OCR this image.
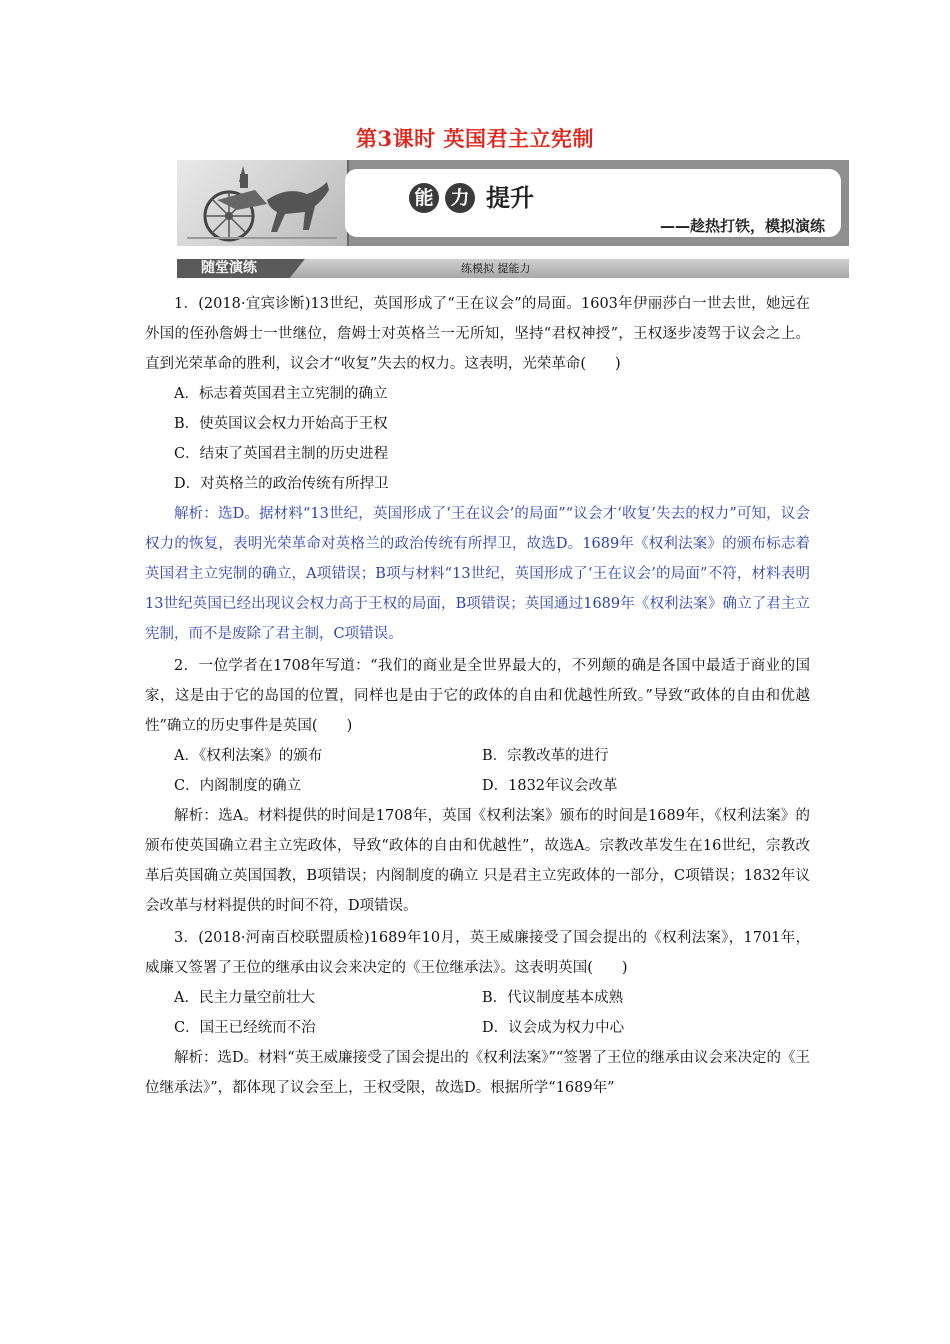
第3课时 英国君主立宪制
能 力 提升
——趁热打铁，模拟演练
随堂演练	练模拟 提能力

1．(2018·宜宾诊断)13世纪，英国形成了“王在议会”的局面。1603年伊丽莎白一世去世，她远在外国的侄孙詹姆士一世继位，詹姆士对英格兰一无所知，坚持“君权神授”，王权逐步凌驾于议会之上。直到光荣革命的胜利，议会才“收复”失去的权力。这表明，光荣革命(　　)

A．标志着英国君主立宪制的确立

B．使英国议会权力开始高于王权

C．结束了英国君主制的历史进程

D．对英格兰的政治传统有所捍卫

解析：选D。据材料“13世纪，英国形成了‘王在议会’的局面”“议会才‘收复’失去的权力”可知，议会权力的恢复，表明光荣革命对英格兰的政治传统有所捍卫，故选D。1689年《权利法案》的颁布标志着英国君主立宪制的确立，A项错误；B项与材料“13世纪，英国形成了‘王在议会’的局面”不符，材料表明13世纪英国已经出现议会权力高于王权的局面，B项错误；英国通过1689年《权利法案》确立了君主立宪制，而不是废除了君主制，C项错误。

2．一位学者在1708年写道：“我们的商业是全世界最大的，不列颠的确是各国中最适于商业的国家，这是由于它的岛国的位置，同样也是由于它的政体的自由和优越性所致。”导致“政体的自由和优越性”确立的历史事件是英国(　　)

A．《权利法案》的颁布	B．宗教改革的进行
C．内阁制度的确立	D．1832年议会改革

解析：选A。材料提供的时间是1708年，英国《权利法案》颁布的时间是1689年，《权利法案》的颁布使英国确立君主立宪政体，导致“政体的自由和优越性”，故选A。宗教改革发生在16世纪，宗教改革后英国确立英国国教，B项错误；内阁制度的确立 只是君主立宪政体的一部分，C项错误；1832年议会改革与材料提供的时间不符，D项错误。

3．(2018·河南百校联盟质检)1689年10月，英王威廉接受了国会提出的《权利法案》，1701年，威廉又签署了王位的继承由议会来决定的《王位继承法》。这表明英国(　　)

A．民主力量空前壮大	B．代议制度基本成熟
C．国王已经统而不治	D．议会成为权力中心

解析：选D。材料“英王威廉接受了国会提出的《权利法案》”“签署了王位的继承由议会来决定的《王位继承法》”，都体现了议会至上，王权受限，故选D。根据所学“1689年”
